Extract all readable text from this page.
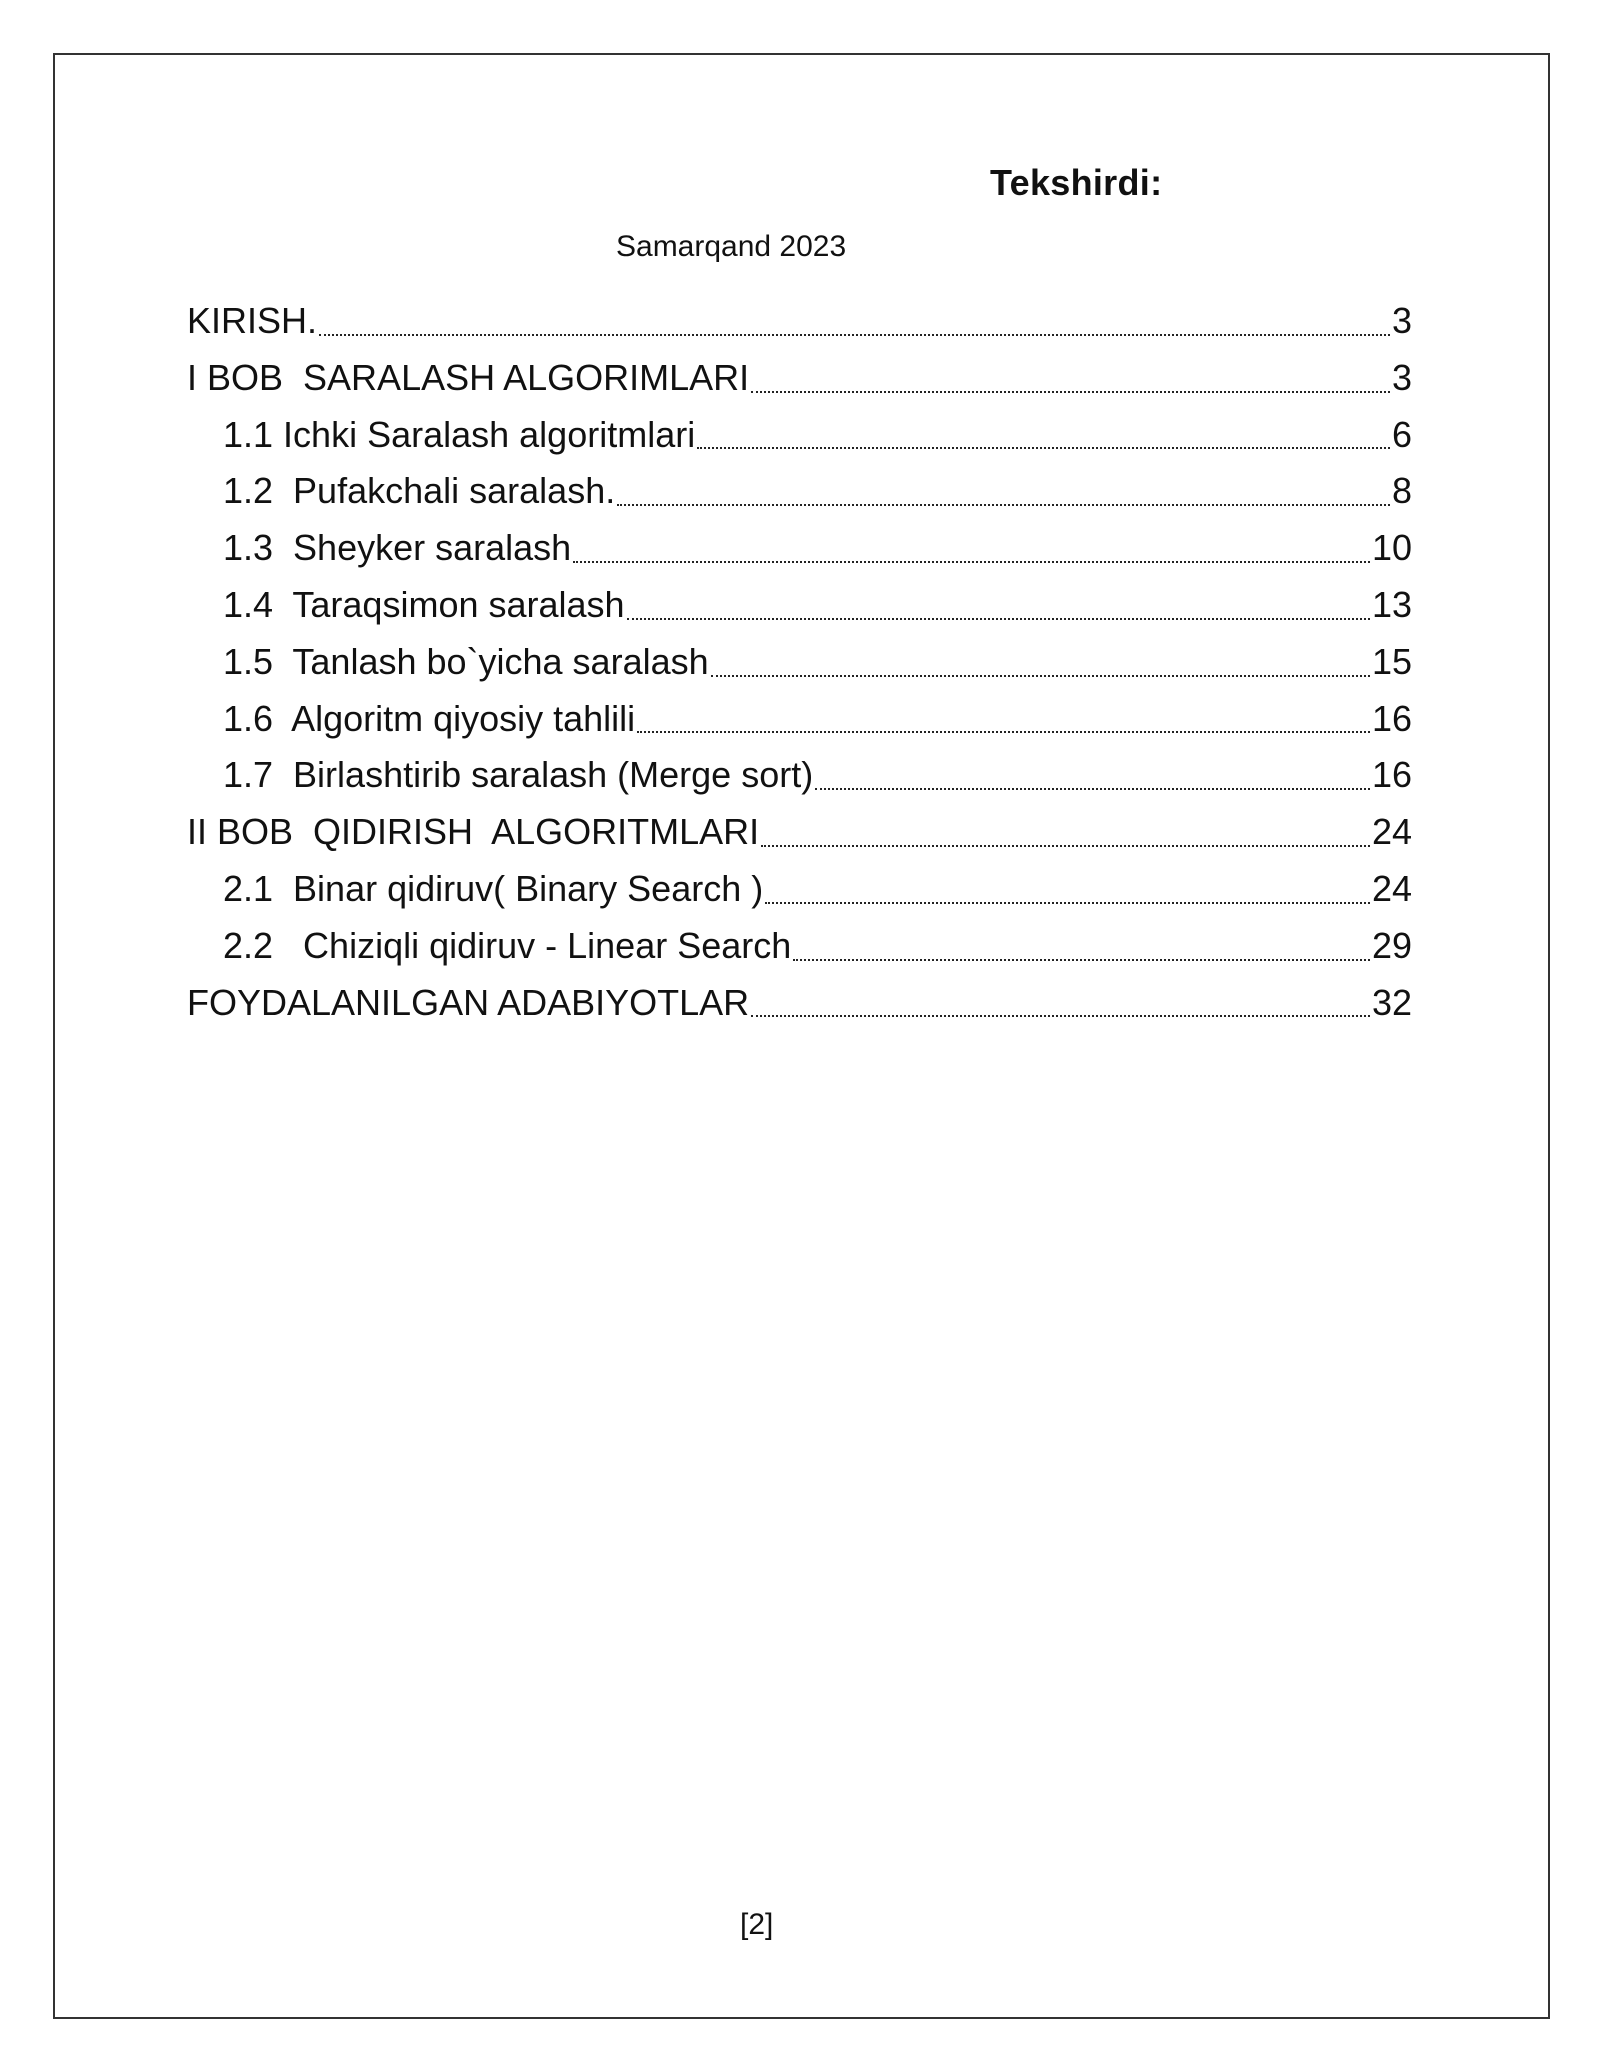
Tekshirdi:
Samarqand 2023
KIRISH.	3
I BOB  SARALASH ALGORIMLARI	3
1.1 Ichki Saralash algoritmlari	6
1.2  Pufakchali saralash.	8
1.3  Sheyker saralash	10
1.4  Taraqsimon saralash	13
1.5  Tanlash bo`yicha saralash	15
1.6  Algoritm qiyosiy tahlili	16
1.7  Birlashtirib saralash (Merge sort)	16
II BOB  QIDIRISH  ALGORITMLARI	24
2.1  Binar qidiruv( Binary Search )	24
2.2   Chiziqli qidiruv - Linear Search	29
FOYDALANILGAN ADABIYOTLAR	32
[2]
